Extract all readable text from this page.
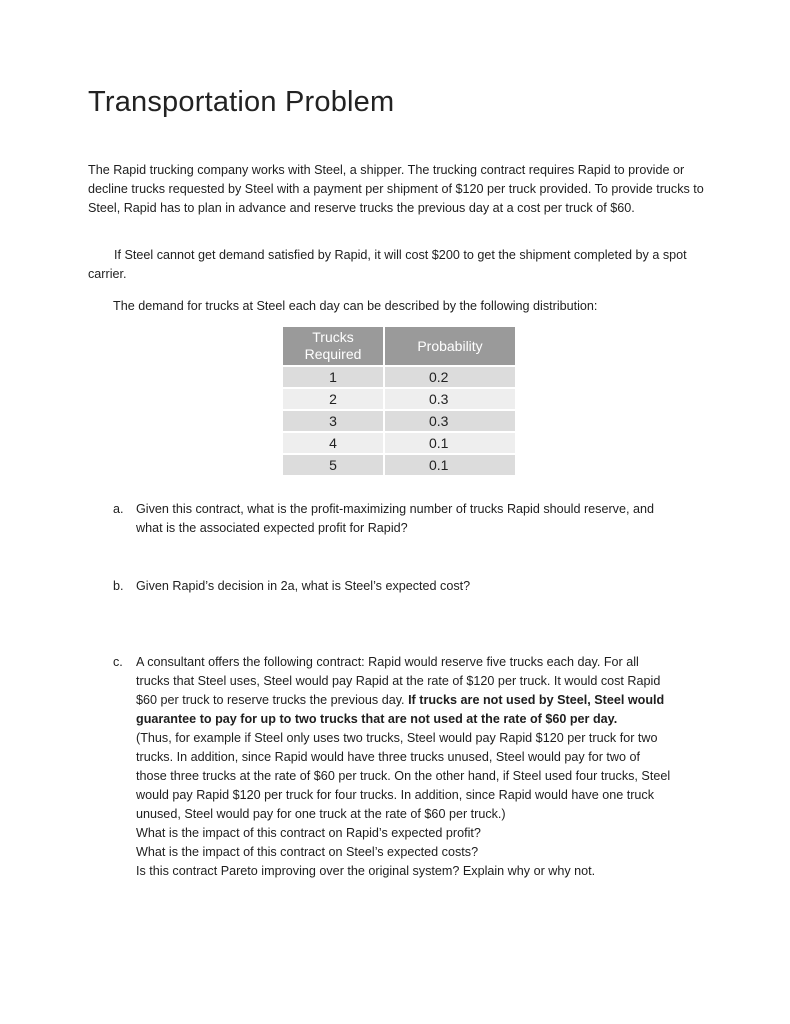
Transportation Problem
The Rapid trucking company works with Steel, a shipper. The trucking contract requires Rapid to provide or decline trucks requested by Steel with a payment per shipment of $120 per truck provided. To provide trucks to Steel, Rapid has to plan in advance and reserve trucks the previous day at a cost per truck of $60.
If Steel cannot get demand satisfied by Rapid, it will cost $200 to get the shipment completed by a spot carrier.
The demand for trucks at Steel each day can be described by the following distribution:
Trucks Required	Probability
1	0.2
2	0.3
3	0.3
4	0.1
5	0.1
a. Given this contract, what is the profit-maximizing number of trucks Rapid should reserve, and
what is the associated expected profit for Rapid?
b. Given Rapid’s decision in 2a, what is Steel’s expected cost?
c. A consultant offers the following contract: Rapid would reserve five trucks each day. For all
trucks that Steel uses, Steel would pay Rapid at the rate of $120 per truck. It would cost Rapid
$60 per truck to reserve trucks the previous day. If trucks are not used by Steel, Steel would
guarantee to pay for up to two trucks that are not used at the rate of $60 per day.
(Thus, for example if Steel only uses two trucks, Steel would pay Rapid $120 per truck for two
trucks. In addition, since Rapid would have three trucks unused, Steel would pay for two of
those three trucks at the rate of $60 per truck. On the other hand, if Steel used four trucks, Steel
would pay Rapid $120 per truck for four trucks. In addition, since Rapid would have one truck
unused, Steel would pay for one truck at the rate of $60 per truck.)
What is the impact of this contract on Rapid’s expected profit?
What is the impact of this contract on Steel’s expected costs?
Is this contract Pareto improving over the original system? Explain why or why not.
